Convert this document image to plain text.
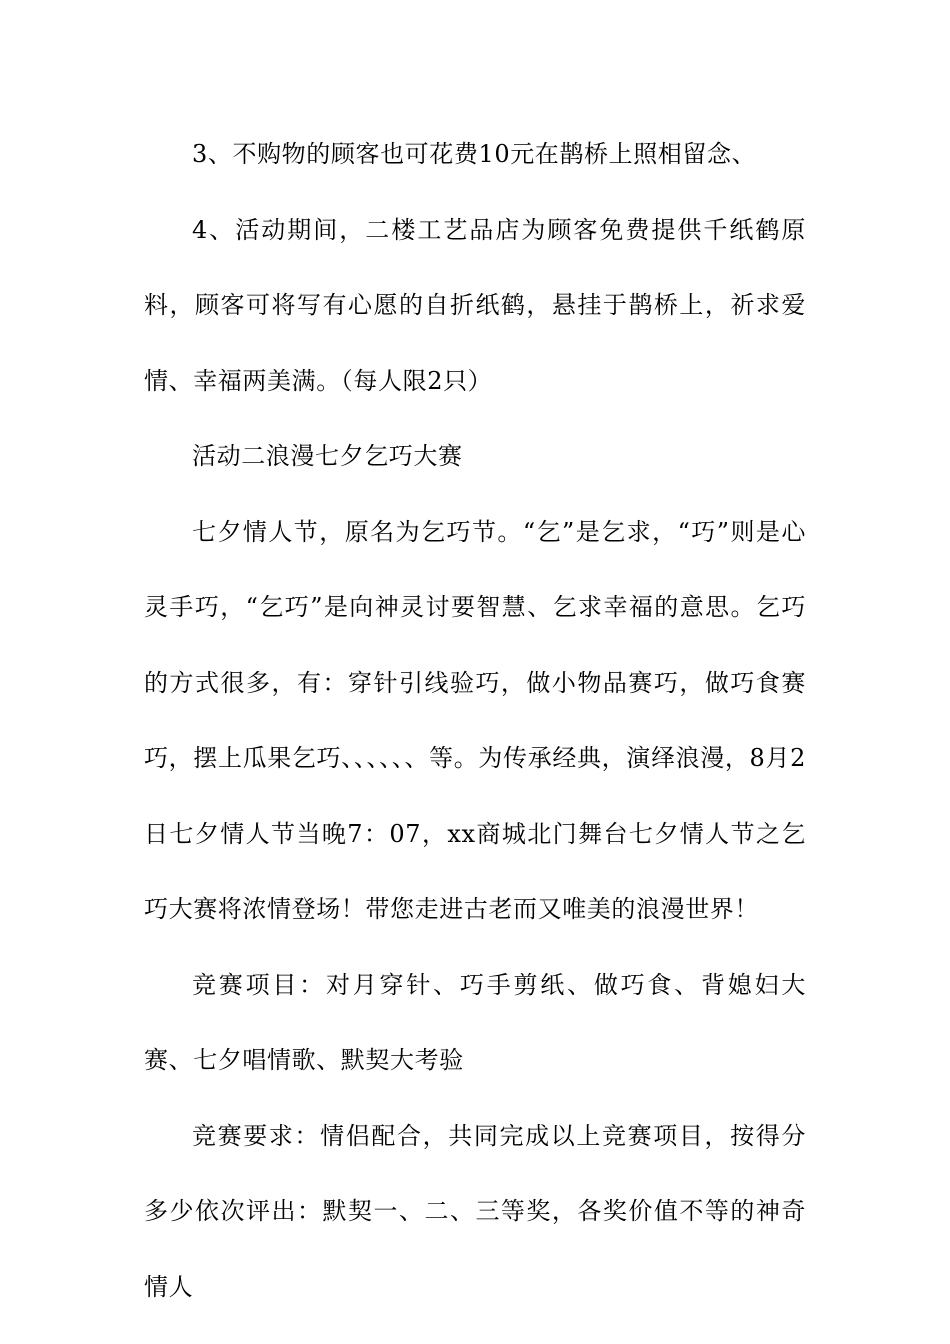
3、不购物的顾客也可花费10元在鹊桥上照相留念、

4、活动期间，二楼工艺品店为顾客免费提供千纸鹤原料，顾客可将写有心愿的自折纸鹤，悬挂于鹊桥上，祈求爱情、幸福两美满。（每人限2只）

活动二浪漫七夕乞巧大赛

七夕情人节，原名为乞巧节。“乞”是乞求，“巧”则是心灵手巧，“乞巧”是向神灵讨要智慧、乞求幸福的意思。乞巧的方式很多，有：穿针引线验巧，做小物品赛巧，做巧食赛巧，摆上瓜果乞巧、、、、、、等。为传承经典，演绎浪漫，8月2日七夕情人节当晚7：07，xx商城北门舞台七夕情人节之乞巧大赛将浓情登场！带您走进古老而又唯美的浪漫世界！

竞赛项目：对月穿针、巧手剪纸、做巧食、背媳妇大赛、七夕唱情歌、默契大考验

竞赛要求：情侣配合，共同完成以上竞赛项目，按得分多少依次评出：默契一、二、三等奖，各奖价值不等的神奇情人
